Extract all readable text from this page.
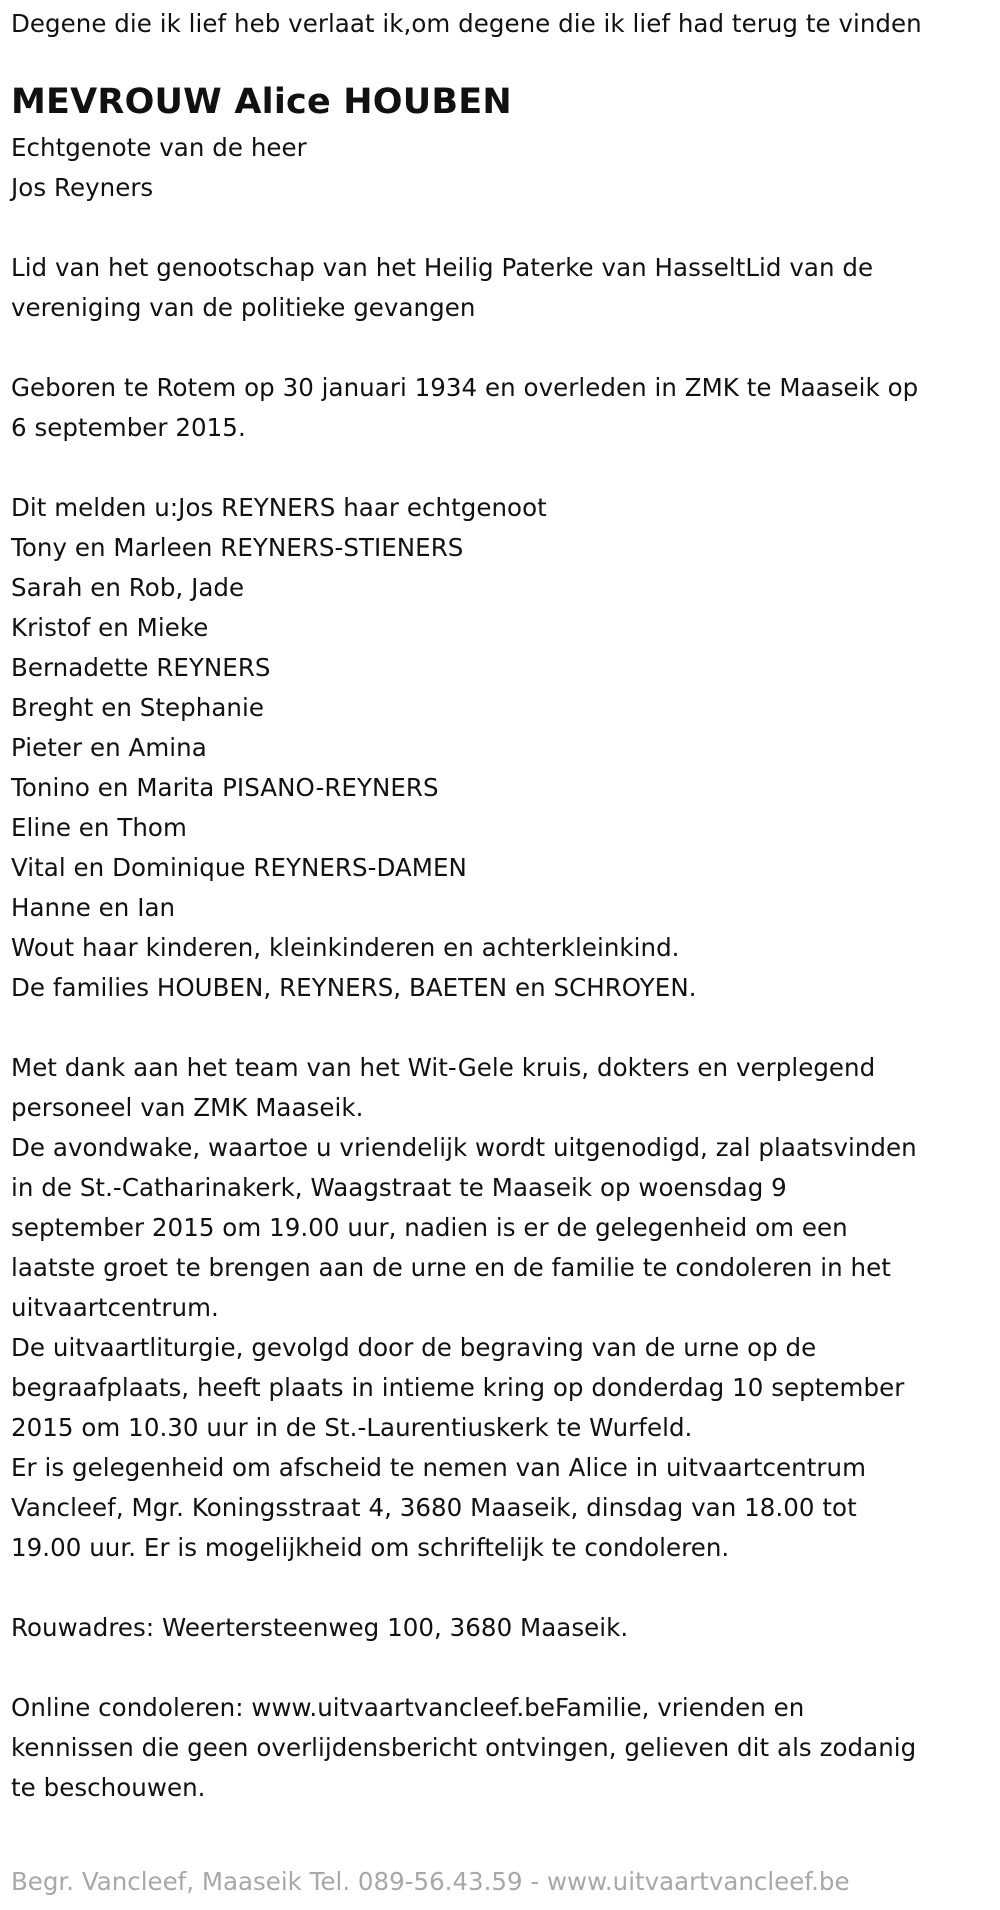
Degene die ik lief heb verlaat ik,om degene die ik lief had terug te vinden
MEVROUW Alice HOUBEN
Echtgenote van de heer
Jos Reyners
Lid van het genootschap van het Heilig Paterke van HasseltLid van de
vereniging van de politieke gevangen
Geboren te Rotem op 30 januari 1934 en overleden in ZMK te Maaseik op
6 september 2015.
Dit melden u:Jos REYNERS haar echtgenoot
Tony en Marleen REYNERS-STIENERS
Sarah en Rob, Jade
Kristof en Mieke
Bernadette REYNERS
Breght en Stephanie
Pieter en Amina
Tonino en Marita PISANO-REYNERS
Eline en Thom
Vital en Dominique REYNERS-DAMEN
Hanne en Ian
Wout haar kinderen, kleinkinderen en achterkleinkind.
De families HOUBEN, REYNERS, BAETEN en SCHROYEN.
Met dank aan het team van het Wit-Gele kruis, dokters en verplegend
personeel van ZMK Maaseik.
De avondwake, waartoe u vriendelijk wordt uitgenodigd, zal plaatsvinden
in de St.-Catharinakerk, Waagstraat te Maaseik op woensdag 9
september 2015 om 19.00 uur, nadien is er de gelegenheid om een
laatste groet te brengen aan de urne en de familie te condoleren in het
uitvaartcentrum.
De uitvaartliturgie, gevolgd door de begraving van de urne op de
begraafplaats, heeft plaats in intieme kring op donderdag 10 september
2015 om 10.30 uur in de St.-Laurentiuskerk te Wurfeld.
Er is gelegenheid om afscheid te nemen van Alice in uitvaartcentrum
Vancleef, Mgr. Koningsstraat 4, 3680 Maaseik, dinsdag van 18.00 tot
19.00 uur. Er is mogelijkheid om schriftelijk te condoleren.
Rouwadres: Weertersteenweg 100, 3680 Maaseik.
Online condoleren: www.uitvaartvancleef.beFamilie, vrienden en
kennissen die geen overlijdensbericht ontvingen, gelieven dit als zodanig
te beschouwen.
Begr. Vancleef, Maaseik Tel. 089-56.43.59 - www.uitvaartvancleef.be
